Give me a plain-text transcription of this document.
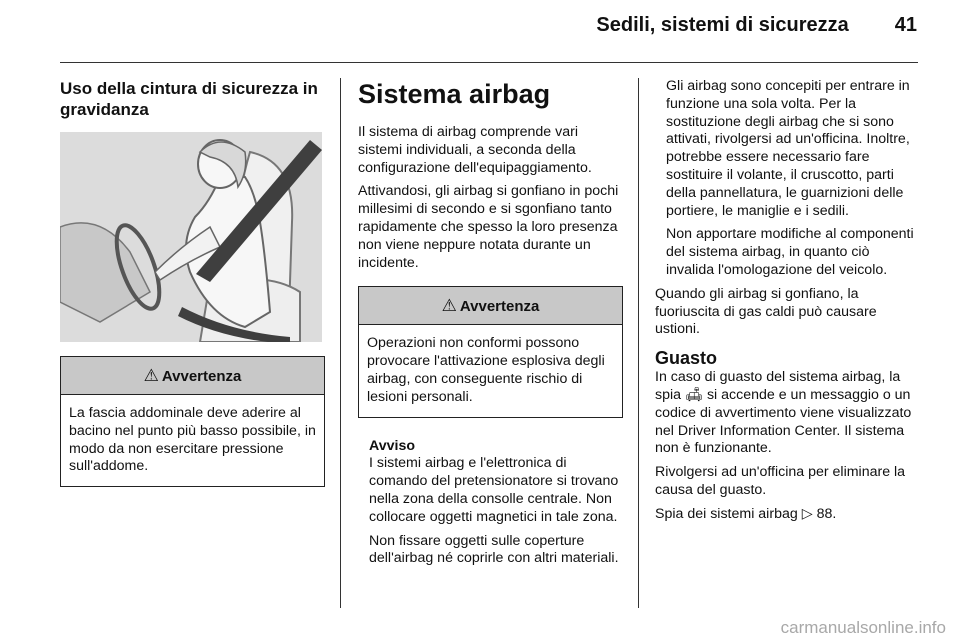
Sedili, sistemi di sicurezza 41
Uso della cintura di sicurezza in gravidanza
⚠ Avvertenza

La fascia addominale deve aderire al bacino nel punto più basso possibile, in modo da non esercitare pressione sull'addome.

Sistema airbag

Il sistema di airbag comprende vari sistemi individuali, a seconda della configurazione dell'equipaggiamento.

Attivandosi, gli airbag si gonfiano in pochi millesimi di secondo e si sgonfiano tanto rapidamente che spesso la loro presenza non viene neppure notata durante un incidente.

⚠ Avvertenza

Operazioni non conformi possono provocare l'attivazione esplosiva degli airbag, con conseguente rischio di lesioni personali.

Avviso

I sistemi airbag e l'elettronica di comando del pretensionatore si trovano nella zona della consolle centrale. Non collocare oggetti magnetici in tale zona.

Non fissare oggetti sulle coperture dell'airbag né coprirle con altri materiali.

Gli airbag sono concepiti per entrare in funzione una sola volta. Per la sostituzione degli airbag che si sono attivati, rivolgersi ad un'officina. Inoltre, potrebbe essere necessario fare sostituire il volante, il cruscotto, parti della pannellatura, le guarnizioni delle portiere, le maniglie e i sedili.

Non apportare modifiche al componenti del sistema airbag, in quanto ciò invalida l'omologazione del veicolo.

Quando gli airbag si gonfiano, la fuoriuscita di gas caldi può causare ustioni.

Guasto

In caso di guasto del sistema airbag, la spia 🛋 si accende e un messaggio o un codice di avvertimento viene visualizzato nel Driver Information Center. Il sistema non è funzionante.

Rivolgersi ad un'officina per eliminare la causa del guasto.

Spia dei sistemi airbag ▷ 88.

carmanualsonline.info
